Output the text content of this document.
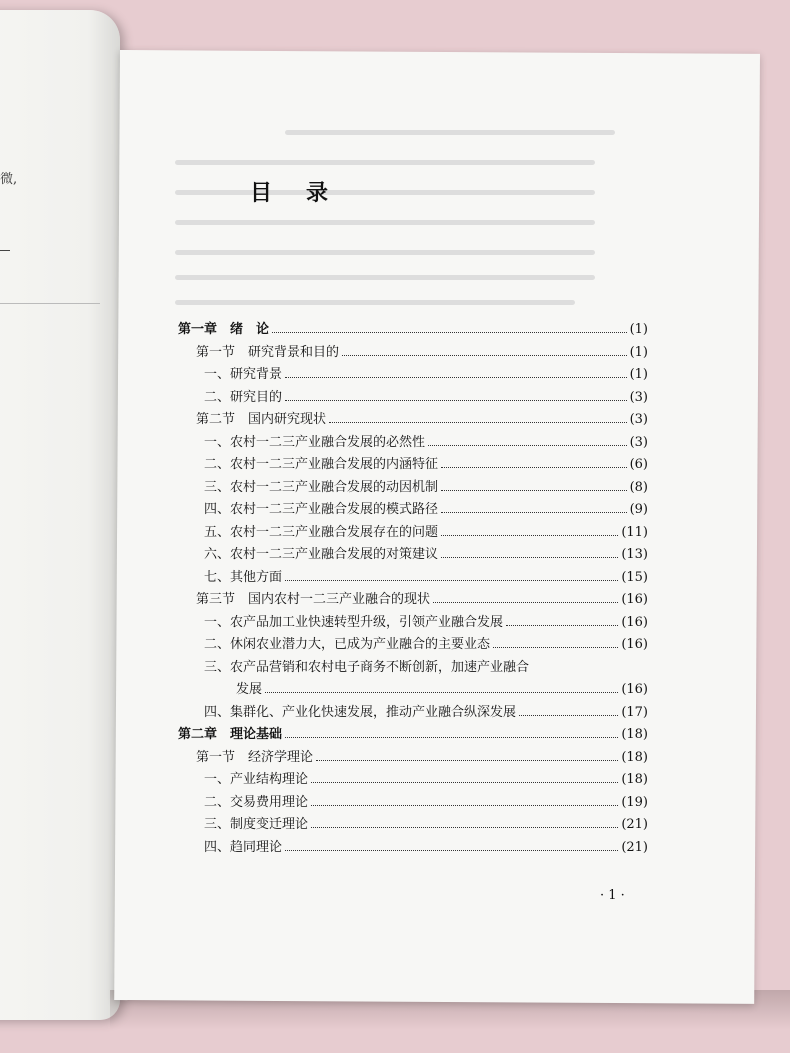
微,
目录
第一章　绪　论	(1)
第一节　研究背景和目的	(1)
一、研究背景	(1)
二、研究目的	(3)
第二节　国内研究现状	(3)
一、农村一二三产业融合发展的必然性	(3)
二、农村一二三产业融合发展的内涵特征	(6)
三、农村一二三产业融合发展的动因机制	(8)
四、农村一二三产业融合发展的模式路径	(9)
五、农村一二三产业融合发展存在的问题	(11)
六、农村一二三产业融合发展的对策建议	(13)
七、其他方面	(15)
第三节　国内农村一二三产业融合的现状	(16)
一、农产品加工业快速转型升级，引领产业融合发展	(16)
二、休闲农业潜力大，已成为产业融合的主要业态	(16)
三、农产品营销和农村电子商务不断创新，加速产业融合
发展	(16)
四、集群化、产业化快速发展，推动产业融合纵深发展	(17)
第二章　理论基础	(18)
第一节　经济学理论	(18)
一、产业结构理论	(18)
二、交易费用理论	(19)
三、制度变迁理论	(21)
四、趋同理论	(21)
· 1 ·
